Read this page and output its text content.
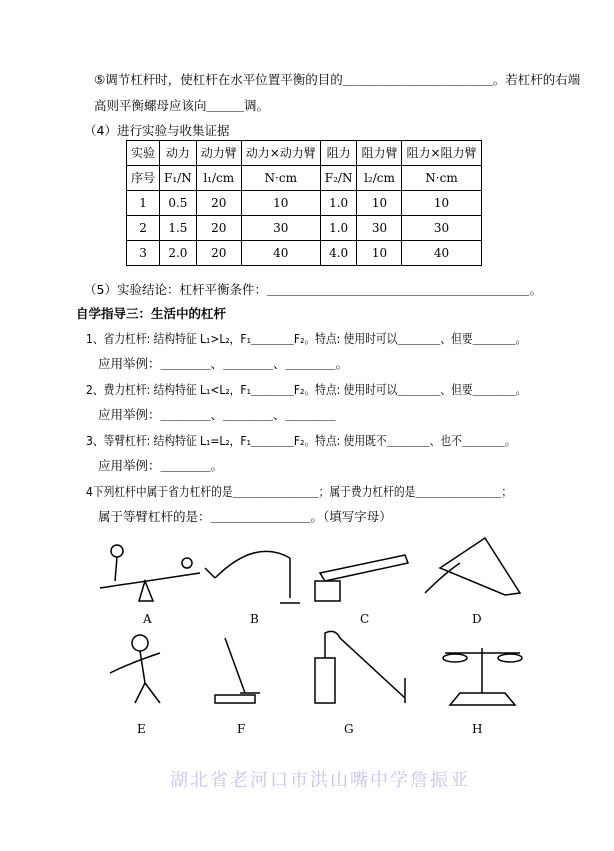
湖北省老河口市洪山嘴中学詹振亚
⑤调节杠杆时，使杠杆在水平位置平衡的目的＿＿＿＿＿＿＿＿＿＿＿＿。若杠杆的右端
高则平衡螺母应该向＿＿＿调。
（4）进行实验与收集证据
实验	动力	动力臂	动力×动力臂	阻力	阻力臂	阻力×阻力臂
序号	F₁/N	l₁/cm	N·cm	F₂/N	l₂/cm	N·cm
1	0.5	20	10	1.0	10	10
2	1.5	20	30	1.0	30	30
3	2.0	20	40	4.0	10	40
（5）实验结论：杠杆平衡条件：＿＿＿＿＿＿＿＿＿＿＿＿＿＿＿＿＿＿＿＿＿。
自学指导三：生活中的杠杆
1、省力杠杆: 结构特征 L₁>L₂，F₁＿＿＿＿F₂。特点: 使用时可以＿＿＿＿、但要＿＿＿＿。
应用举例：＿＿＿＿、＿＿＿＿、＿＿＿＿。
2、费力杠杆: 结构特征 L₁<L₂，F₁＿＿＿＿F₂。特点: 使用时可以＿＿＿＿、但要＿＿＿＿。
应用举例：＿＿＿＿、＿＿＿＿、＿＿＿＿
3、等臂杠杆: 结构特征 L₁=L₂，F₁＿＿＿＿F₂。特点: 使用既不＿＿＿＿、也不＿＿＿＿。
应用举例：＿＿＿＿。
4下列杠杆中属于省力杠杆的是＿＿＿＿＿＿＿＿；属于费力杠杆的是＿＿＿＿＿＿＿＿；
属于等臂杠杆的是：＿＿＿＿＿＿＿＿。（填写字母）
A	B	C	D
E	F	G	H
